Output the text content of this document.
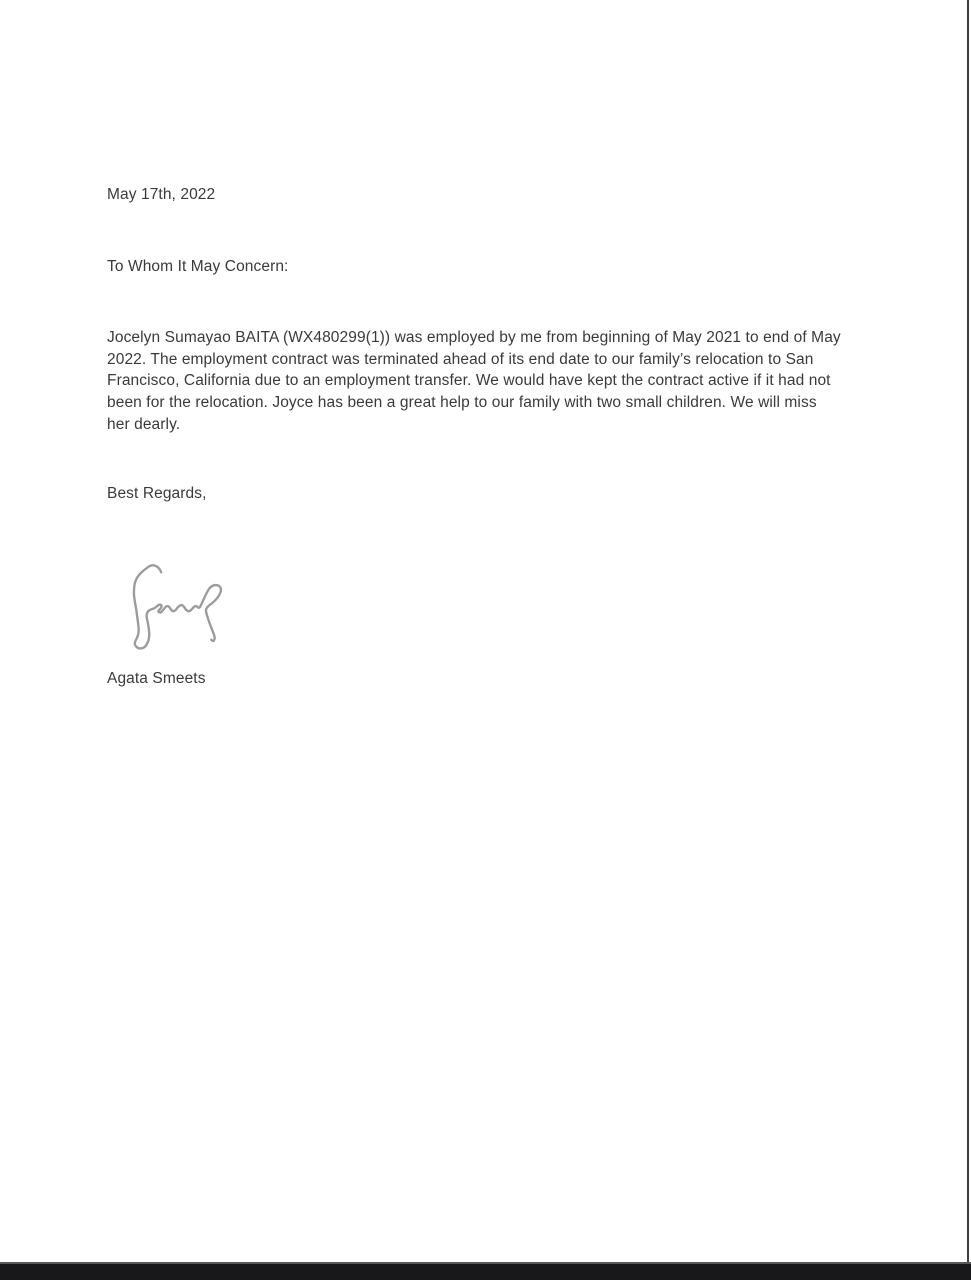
May 17th, 2022
To Whom It May Concern:
Jocelyn Sumayao BAITA (WX480299(1)) was employed by me from beginning of May 2021 to end of May
2022. The employment contract was terminated ahead of its end date to our family’s relocation to San
Francisco, California due to an employment transfer. We would have kept the contract active if it had not
been for the relocation. Joyce has been a great help to our family with two small children. We will miss
her dearly.
Best Regards,
Agata Smeets
